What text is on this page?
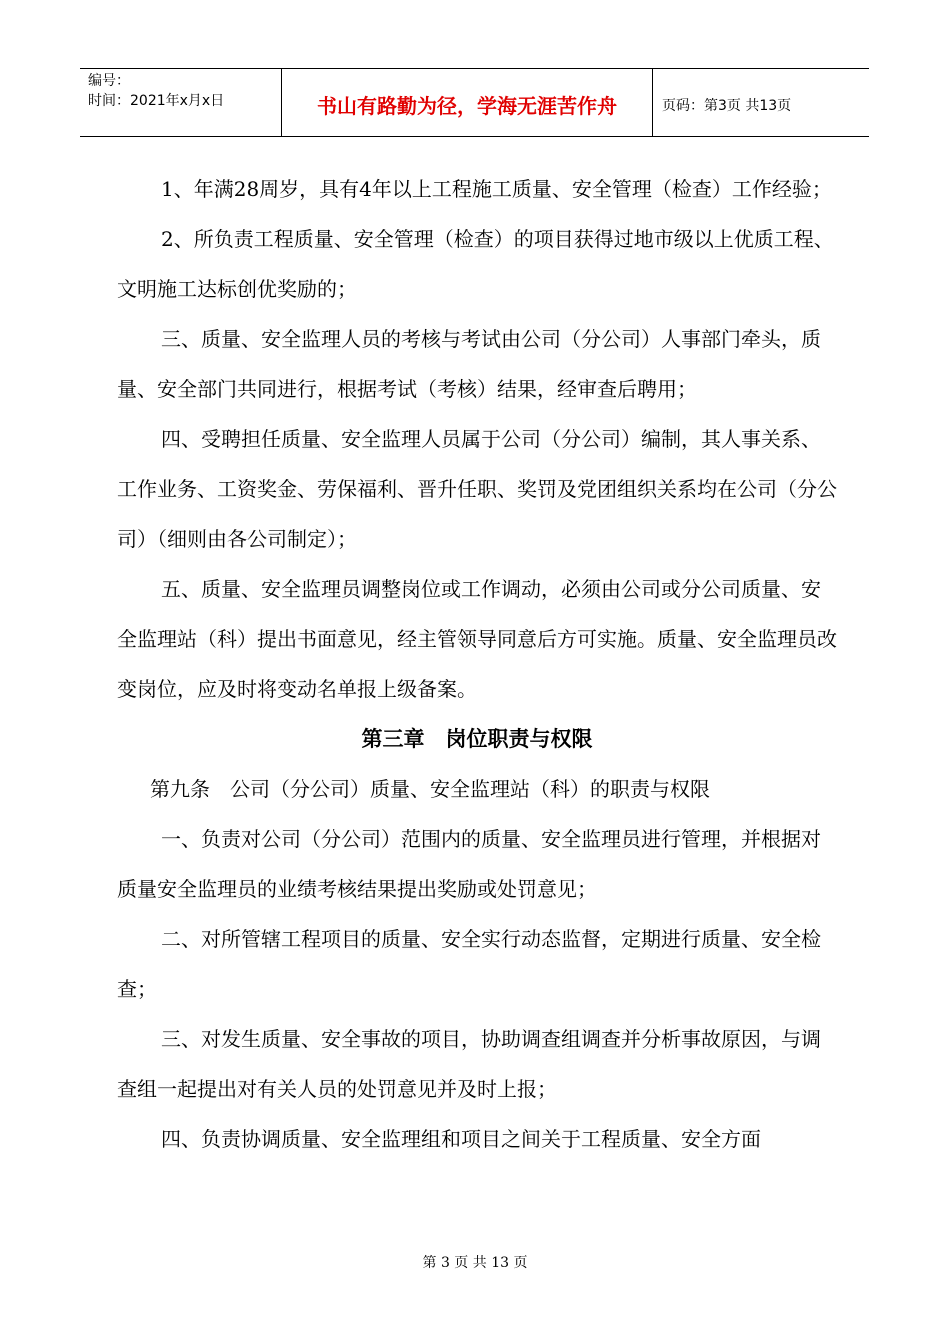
编号：
时间：2021年x月x日	书山有路勤为径，学海无涯苦作舟	页码：第3页 共13页

1、年满28周岁，具有4年以上工程施工质量、安全管理（检查）工作经验；

2、所负责工程质量、安全管理（检查）的项目获得过地市级以上优质工程、文明施工达标创优奖励的；

三、质量、安全监理人员的考核与考试由公司（分公司）人事部门牵头，质量、安全部门共同进行，根据考试（考核）结果，经审查后聘用；

四、受聘担任质量、安全监理人员属于公司（分公司）编制，其人事关系、工作业务、工资奖金、劳保福利、晋升任职、奖罚及党团组织关系均在公司（分公司）（细则由各公司制定）；

五、质量、安全监理员调整岗位或工作调动，必须由公司或分公司质量、安全监理站（科）提出书面意见，经主管领导同意后方可实施。质量、安全监理员改变岗位，应及时将变动名单报上级备案。

第三章　岗位职责与权限

第九条　公司（分公司）质量、安全监理站（科）的职责与权限

一、负责对公司（分公司）范围内的质量、安全监理员进行管理，并根据对质量安全监理员的业绩考核结果提出奖励或处罚意见；

二、对所管辖工程项目的质量、安全实行动态监督，定期进行质量、安全检查；

三、对发生质量、安全事故的项目，协助调查组调查并分析事故原因，与调查组一起提出对有关人员的处罚意见并及时上报；

四、负责协调质量、安全监理组和项目之间关于工程质量、安全方面

第 3 页 共 13 页
